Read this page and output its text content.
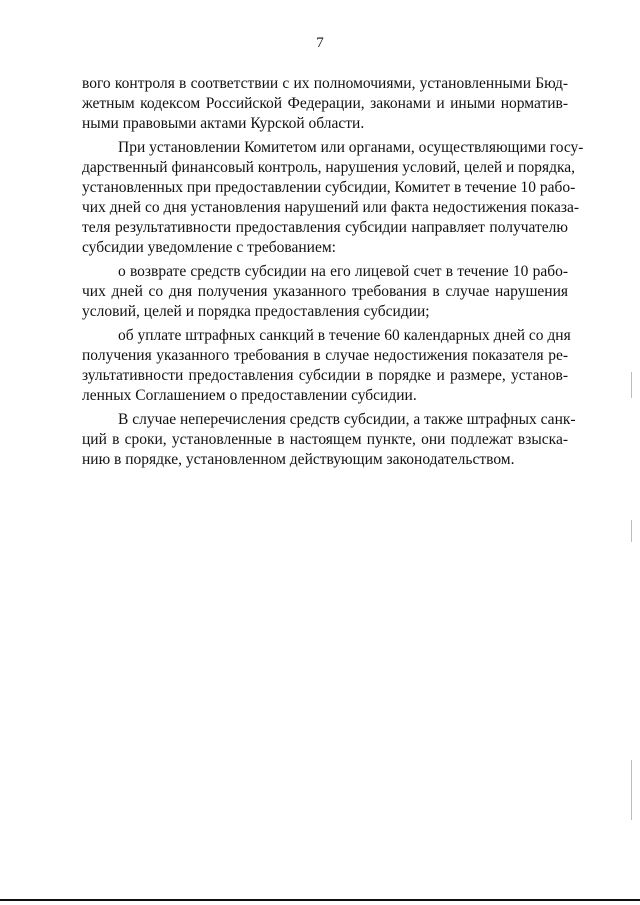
7
вого контроля в соответствии с их полномочиями, установленными Бюд-
жетным кодексом Российской Федерации, законами и иными норматив-
ными правовыми актами Курской области.
При установлении Комитетом или органами, осуществляющими госу-
дарственный финансовый контроль, нарушения условий, целей и порядка,
установленных при предоставлении субсидии, Комитет в течение 10 рабо-
чих дней со дня установления нарушений или факта недостижения показа-
теля результативности предоставления субсидии направляет получателю
субсидии уведомление с требованием:
о возврате средств субсидии на его лицевой счет в течение 10 рабо-
чих дней со дня получения указанного требования в случае нарушения
условий, целей и порядка предоставления субсидии;
об уплате штрафных санкций в течение 60 календарных дней со дня
получения указанного требования в случае недостижения показателя ре-
зультативности предоставления субсидии в порядке и размере, установ-
ленных Соглашением о предоставлении субсидии.
В случае неперечисления средств субсидии, а также штрафных санк-
ций в сроки, установленные в настоящем пункте, они подлежат взыска-
нию в порядке, установленном действующим законодательством.
